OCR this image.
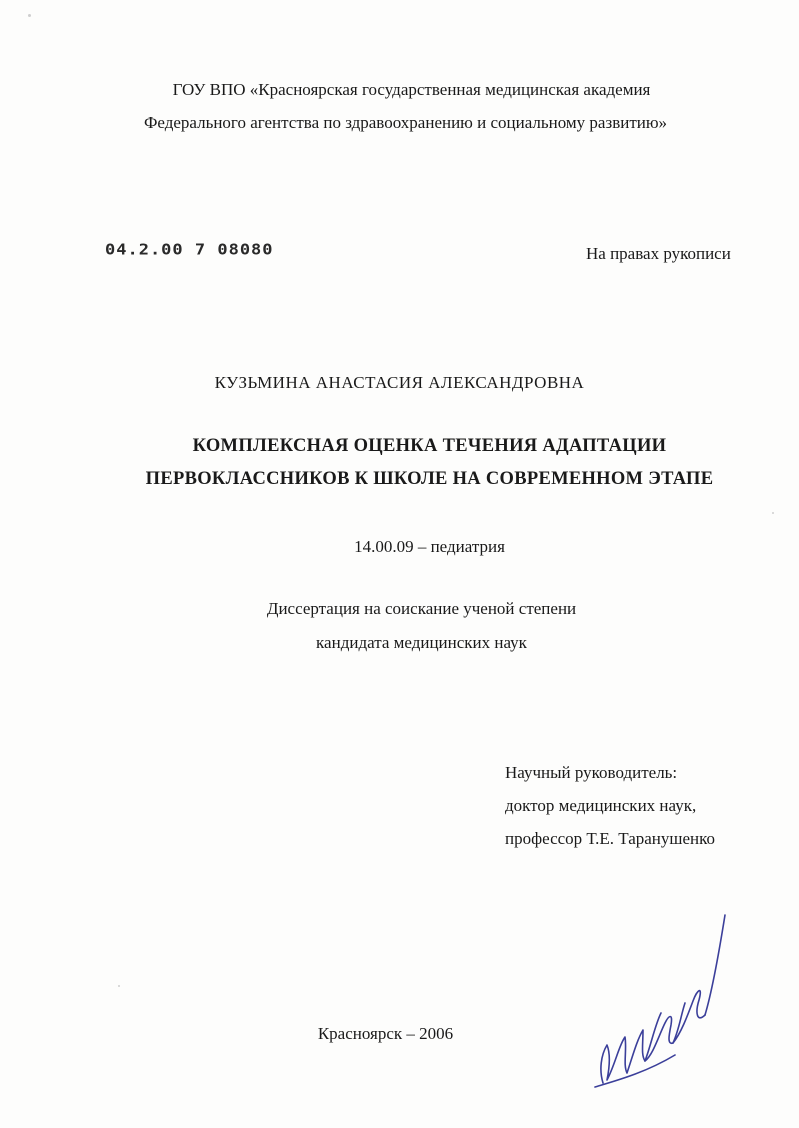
ГОУ ВПО «Красноярская государственная медицинская академия
Федерального агентства по здравоохранению и социальному развитию»
04.2.00 7 08080	На правах рукописи
КУЗЬМИНА АНАСТАСИЯ АЛЕКСАНДРОВНА
КОМПЛЕКСНАЯ ОЦЕНКА ТЕЧЕНИЯ АДАПТАЦИИ
ПЕРВОКЛАССНИКОВ К ШКОЛЕ НА СОВРЕМЕННОМ ЭТАПЕ
14.00.09 – педиатрия
Диссертация на соискание ученой степени
кандидата медицинских наук
Научный руководитель:
доктор медицинских наук,
профессор Т.Е. Таранушенко
Красноярск – 2006
